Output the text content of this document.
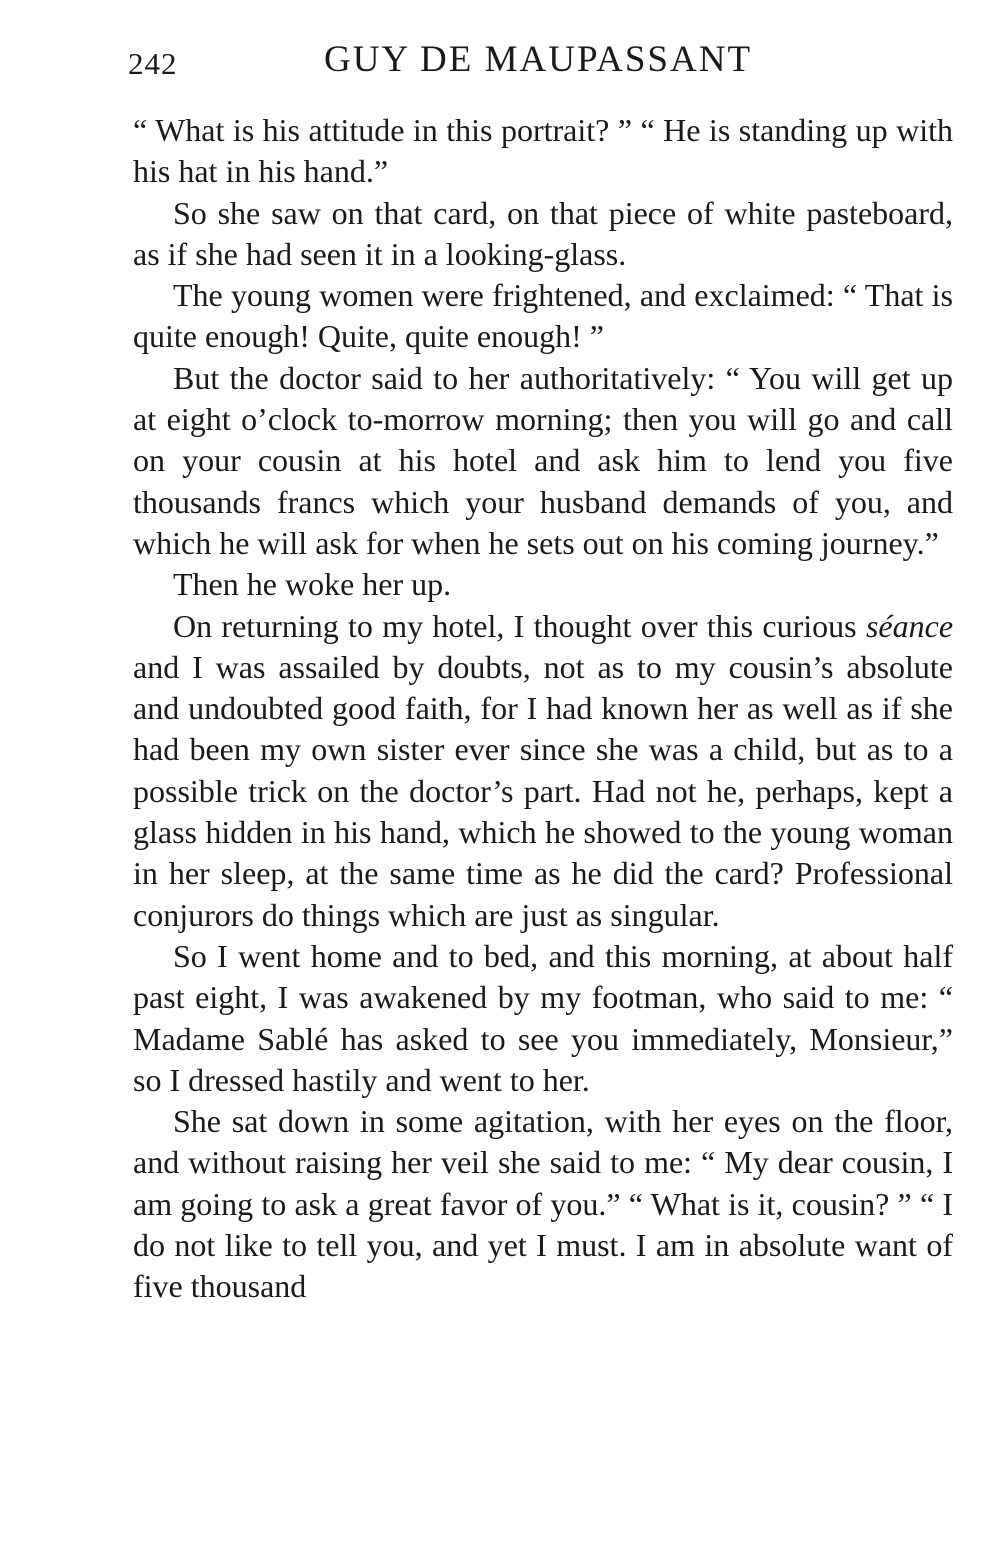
242	GUY DE MAUPASSANT

“ What is his attitude in this portrait? ” “ He is standing up with his hat in his hand.”

So she saw on that card, on that piece of white pasteboard, as if she had seen it in a looking-glass.

The young women were frightened, and exclaimed: “ That is quite enough! Quite, quite enough! ”

But the doctor said to her authoritatively: “ You will get up at eight o’clock to-morrow morning; then you will go and call on your cousin at his hotel and ask him to lend you five thousands francs which your husband demands of you, and which he will ask for when he sets out on his coming journey.”

Then he woke her up.

On returning to my hotel, I thought over this curious séance and I was assailed by doubts, not as to my cousin’s absolute and undoubted good faith, for I had known her as well as if she had been my own sister ever since she was a child, but as to a possible trick on the doctor’s part. Had not he, perhaps, kept a glass hidden in his hand, which he showed to the young woman in her sleep, at the same time as he did the card? Professional conjurors do things which are just as singular.

So I went home and to bed, and this morning, at about half past eight, I was awakened by my footman, who said to me: “ Madame Sablé has asked to see you immediately, Monsieur,” so I dressed hastily and went to her.

She sat down in some agitation, with her eyes on the floor, and without raising her veil she said to me: “ My dear cousin, I am going to ask a great favor of you.” “ What is it, cousin? ” “ I do not like to tell you, and yet I must. I am in absolute want of five thousand
